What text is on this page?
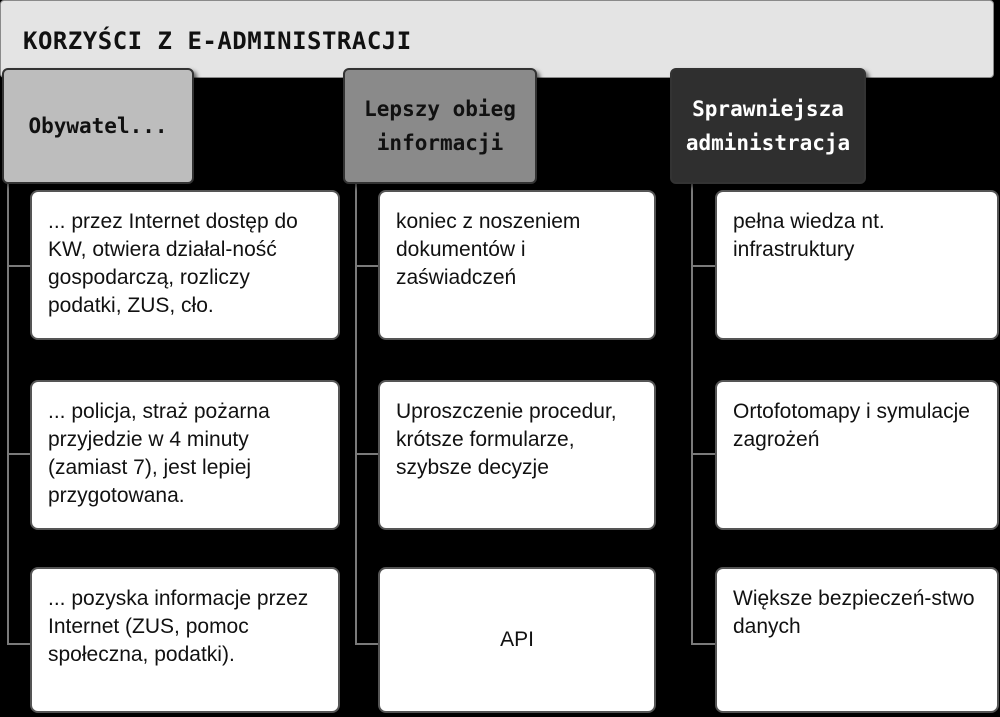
KORZYŚCI Z E-ADMINISTRACJI
Obywatel...
Lepszy obieg informacji
Sprawniejsza administracja
... przez Internet dostęp do KW, otwiera działal-ność gospodarczą, rozliczy podatki, ZUS, cło.
... policja, straż pożarna przyjedzie w 4 minuty (zamiast 7), jest lepiej przygotowana.
... pozyska informacje przez Internet (ZUS, pomoc społeczna, podatki).
koniec z noszeniem dokumentów i zaświadczeń
Uproszczenie procedur, krótsze formularze, szybsze decyzje
API
pełna wiedza nt. infrastruktury
Ortofotomapy i symulacje zagrożeń
Większe bezpieczeń-stwo danych
